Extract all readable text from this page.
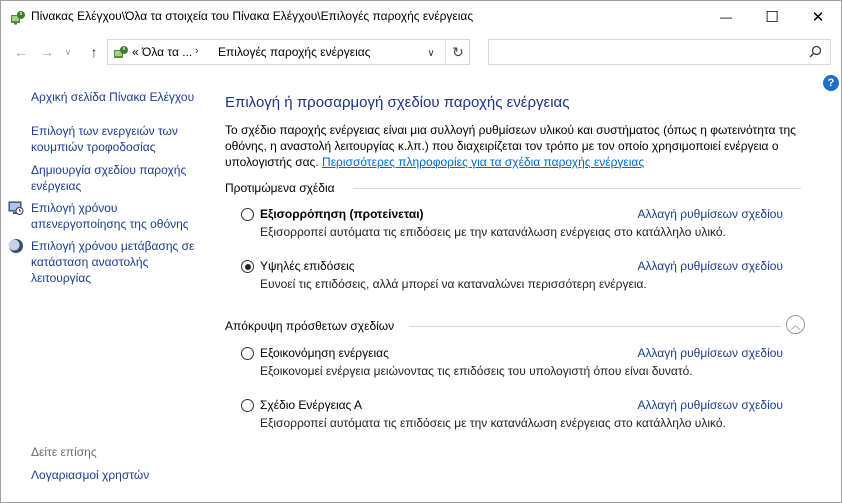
Πίνακας Ελέγχου\Όλα τα στοιχεία του Πίνακα Ελέγχου\Επιλογές παροχής ενέργειας	— ☐ ✕
← → ∨ ↑	« Όλα τα ... › Επιλογές παροχής ενέργειας	∨ ↻
?
Αρχική σελίδα Πίνακα Ελέγχου
Επιλογή των ενεργειών των κουμπιών τροφοδοσίας
Δημιουργία σχεδίου παροχής ενέργειας
Επιλογή χρόνου απενεργοποίησης της οθόνης
Επιλογή χρόνου μετάβασης σε κατάσταση αναστολής λειτουργίας
Δείτε επίσης
Λογαριασμοί χρηστών
Επιλογή ή προσαρμογή σχεδίου παροχής ενέργειας

Το σχέδιο παροχής ενέργειας είναι μια συλλογή ρυθμίσεων υλικού και συστήματος (όπως η φωτεινότητα της οθόνης, η αναστολή λειτουργίας κ.λπ.) που διαχειρίζεται τον τρόπο με τον οποίο χρησιμοποιεί ενέργεια ο υπολογιστής σας. Περισσότερες πληροφορίες για τα σχέδια παροχής ενέργειας

Προτιμώμενα σχέδια
Εξισορρόπηση (προτείνεται)	Αλλαγή ρυθμίσεων σχεδίου
Εξισορροπεί αυτόματα τις επιδόσεις με την κατανάλωση ενέργειας στο κατάλληλο υλικό.
Υψηλές επιδόσεις	Αλλαγή ρυθμίσεων σχεδίου
Ευνοεί τις επιδόσεις, αλλά μπορεί να καταναλώνει περισσότερη ενέργεια.
Απόκρυψη πρόσθετων σχεδίων	︿
Εξοικονόμηση ενέργειας	Αλλαγή ρυθμίσεων σχεδίου
Εξοικονομεί ενέργεια μειώνοντας τις επιδόσεις του υπολογιστή όπου είναι δυνατό.
Σχέδιο Ενέργειας Α	Αλλαγή ρυθμίσεων σχεδίου
Εξισορροπεί αυτόματα τις επιδόσεις με την κατανάλωση ενέργειας στο κατάλληλο υλικό.
